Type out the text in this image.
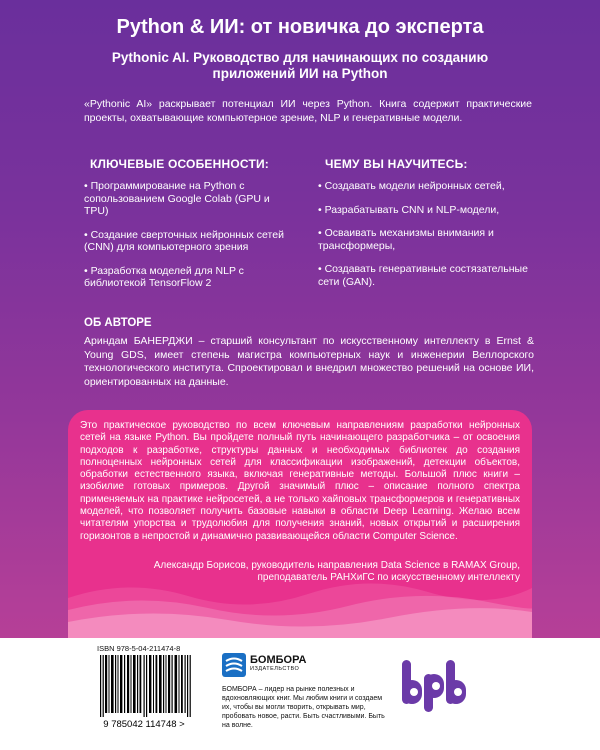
Python & ИИ: от новичка до эксперта

Pythonic AI. Руководство для начинающих по созданию приложений ИИ на Python

«Pythonic AI» раскрывает потенциал ИИ через Python. Книга содержит практические проекты, охватывающие компьютерное зрение, NLP и генеративные модели.

КЛЮЧЕВЫЕ ОСОБЕННОСТИ:
• Программирование на Python с сопользованием Google Colab (GPU и TPU)
• Создание сверточных нейронных сетей (CNN) для компьютерного зрения
• Разработка моделей для NLP с библиотекой TensorFlow 2
ЧЕМУ ВЫ НАУЧИТЕСЬ:
• Создавать модели нейронных сетей,
• Разрабатывать CNN и NLP-модели,
• Осваивать механизмы внимания и трансформеры,
• Создавать генеративные состязательные сети (GAN).
ОБ АВТОРЕ

Ариндам БАНЕРДЖИ – старший консультант по искусственному интеллекту в Ernst & Young GDS, имеет степень магистра компьютерных наук и инженерии Веллорского технологического института. Спроектировал и внедрил множество решений на основе ИИ, ориентированных на данные.

Это практическое руководство по всем ключевым направлениям разработки нейронных сетей на языке Python. Вы пройдете полный путь начинающего разработчика – от освоения подходов к разработке, структуры данных и необходимых библиотек до создания полноценных нейронных сетей для классификации изображений, детекции объектов, обработки естественного языка, включая генеративные методы. Большой плюс книги – изобилие готовых примеров. Другой значимый плюс – описание полного спектра применяемых на практике нейросетей, а не только хайповых трансформеров и генеративных моделей, что позволяет получить базовые навыки в области Deep Learning. Желаю всем читателям упорства и трудолюбия для получения знаний, новых открытий и расширения горизонтов в непростой и динамично развивающейся области Computer Science.

Александр Борисов, руководитель направления Data Science в RAMAX Group, преподаватель РАНХиГС по искусственному интеллекту

ISBN 978-5-04-211474-8
9 785042 114748 >
БОМБОРА
ИЗДАТЕЛЬСТВО

БОМБОРА – лидер на рынке полезных и вдохновляющих книг. Мы любим книги и создаем их, чтобы вы могли творить, открывать мир, пробовать новое, расти. Быть счастливыми. Быть на волне.
